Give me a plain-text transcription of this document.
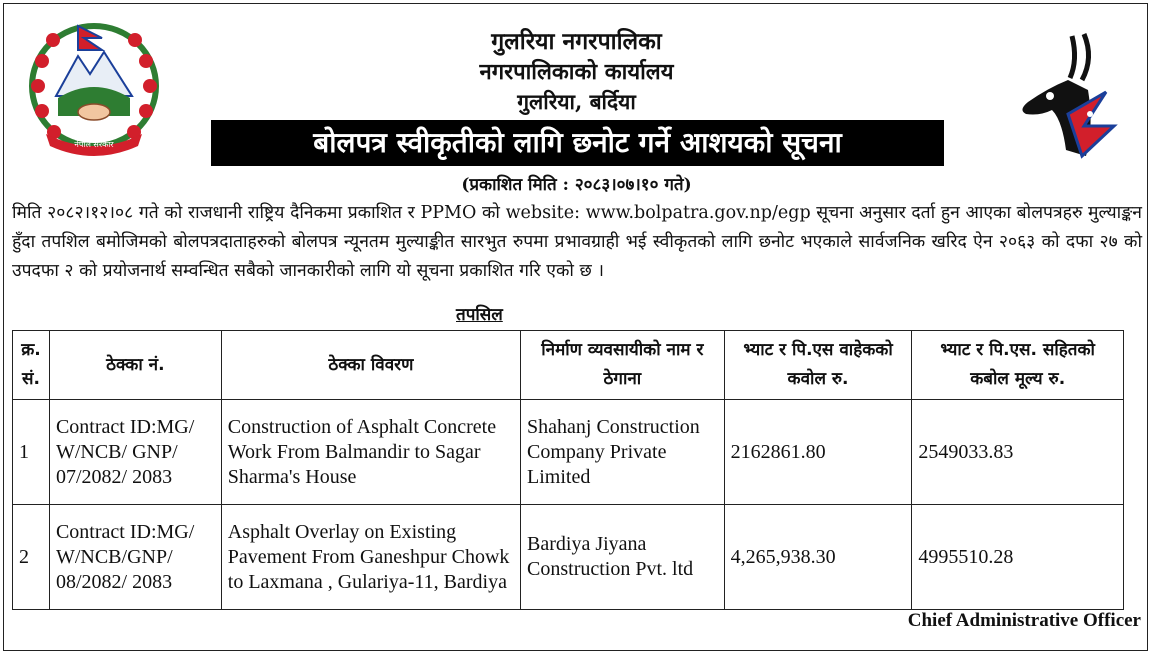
नेपाल सरकार
गुलरिया नगरपालिका
नगरपालिकाको कार्यालय
गुलरिया, बर्दिया
बोलपत्र स्वीकृतीको लागि छनोट गर्ने आशयको सूचना
(प्रकाशित मिति : २०८३।०७।१० गते)
मिति २०८२।१२।०८ गते को राजधानी राष्ट्रिय दैनिकमा प्रकाशित र PPMO को website: www.bolpatra.gov.np/egp सूचना अनुसार दर्ता हुन आएका बोलपत्रहरु मुल्याङ्कन हुँदा तपशिल बमोजिमको बोलपत्रदाताहरुको बोलपत्र न्यूनतम मुल्याङ्कीत सारभुत रुपमा प्रभावग्राही भई स्वीकृतको लागि छनोट भएकाले सार्वजनिक खरिद ऐन २०६३ को दफा २७ को उपदफा २ को प्रयोजनार्थ सम्वन्धित सबैको जानकारीको लागि यो सूचना प्रकाशित गरि एको छ ।
तपसिल
क्र. सं.	ठेक्का नं.	ठेक्का विवरण	निर्माण व्यवसायीको नाम र ठेगाना	भ्याट र पि.एस वाहेकको कवोल रु.	भ्याट र पि.एस. सहितको कबोल मूल्य रु.
1	Contract ID:MG/ W/NCB/ GNP/ 07/2082/ 2083	Construction of Asphalt Concrete Work From Balmandir to Sagar Sharma's House	Shahanj Construction Company Private Limited	2162861.80	2549033.83
2	Contract ID:MG/ W/NCB/GNP/ 08/2082/ 2083	Asphalt Overlay on Existing Pavement From Ganeshpur Chowk to Laxmana , Gulariya-11, Bardiya	Bardiya Jiyana Construction Pvt. ltd	4,265,938.30	4995510.28
Chief Administrative Officer
